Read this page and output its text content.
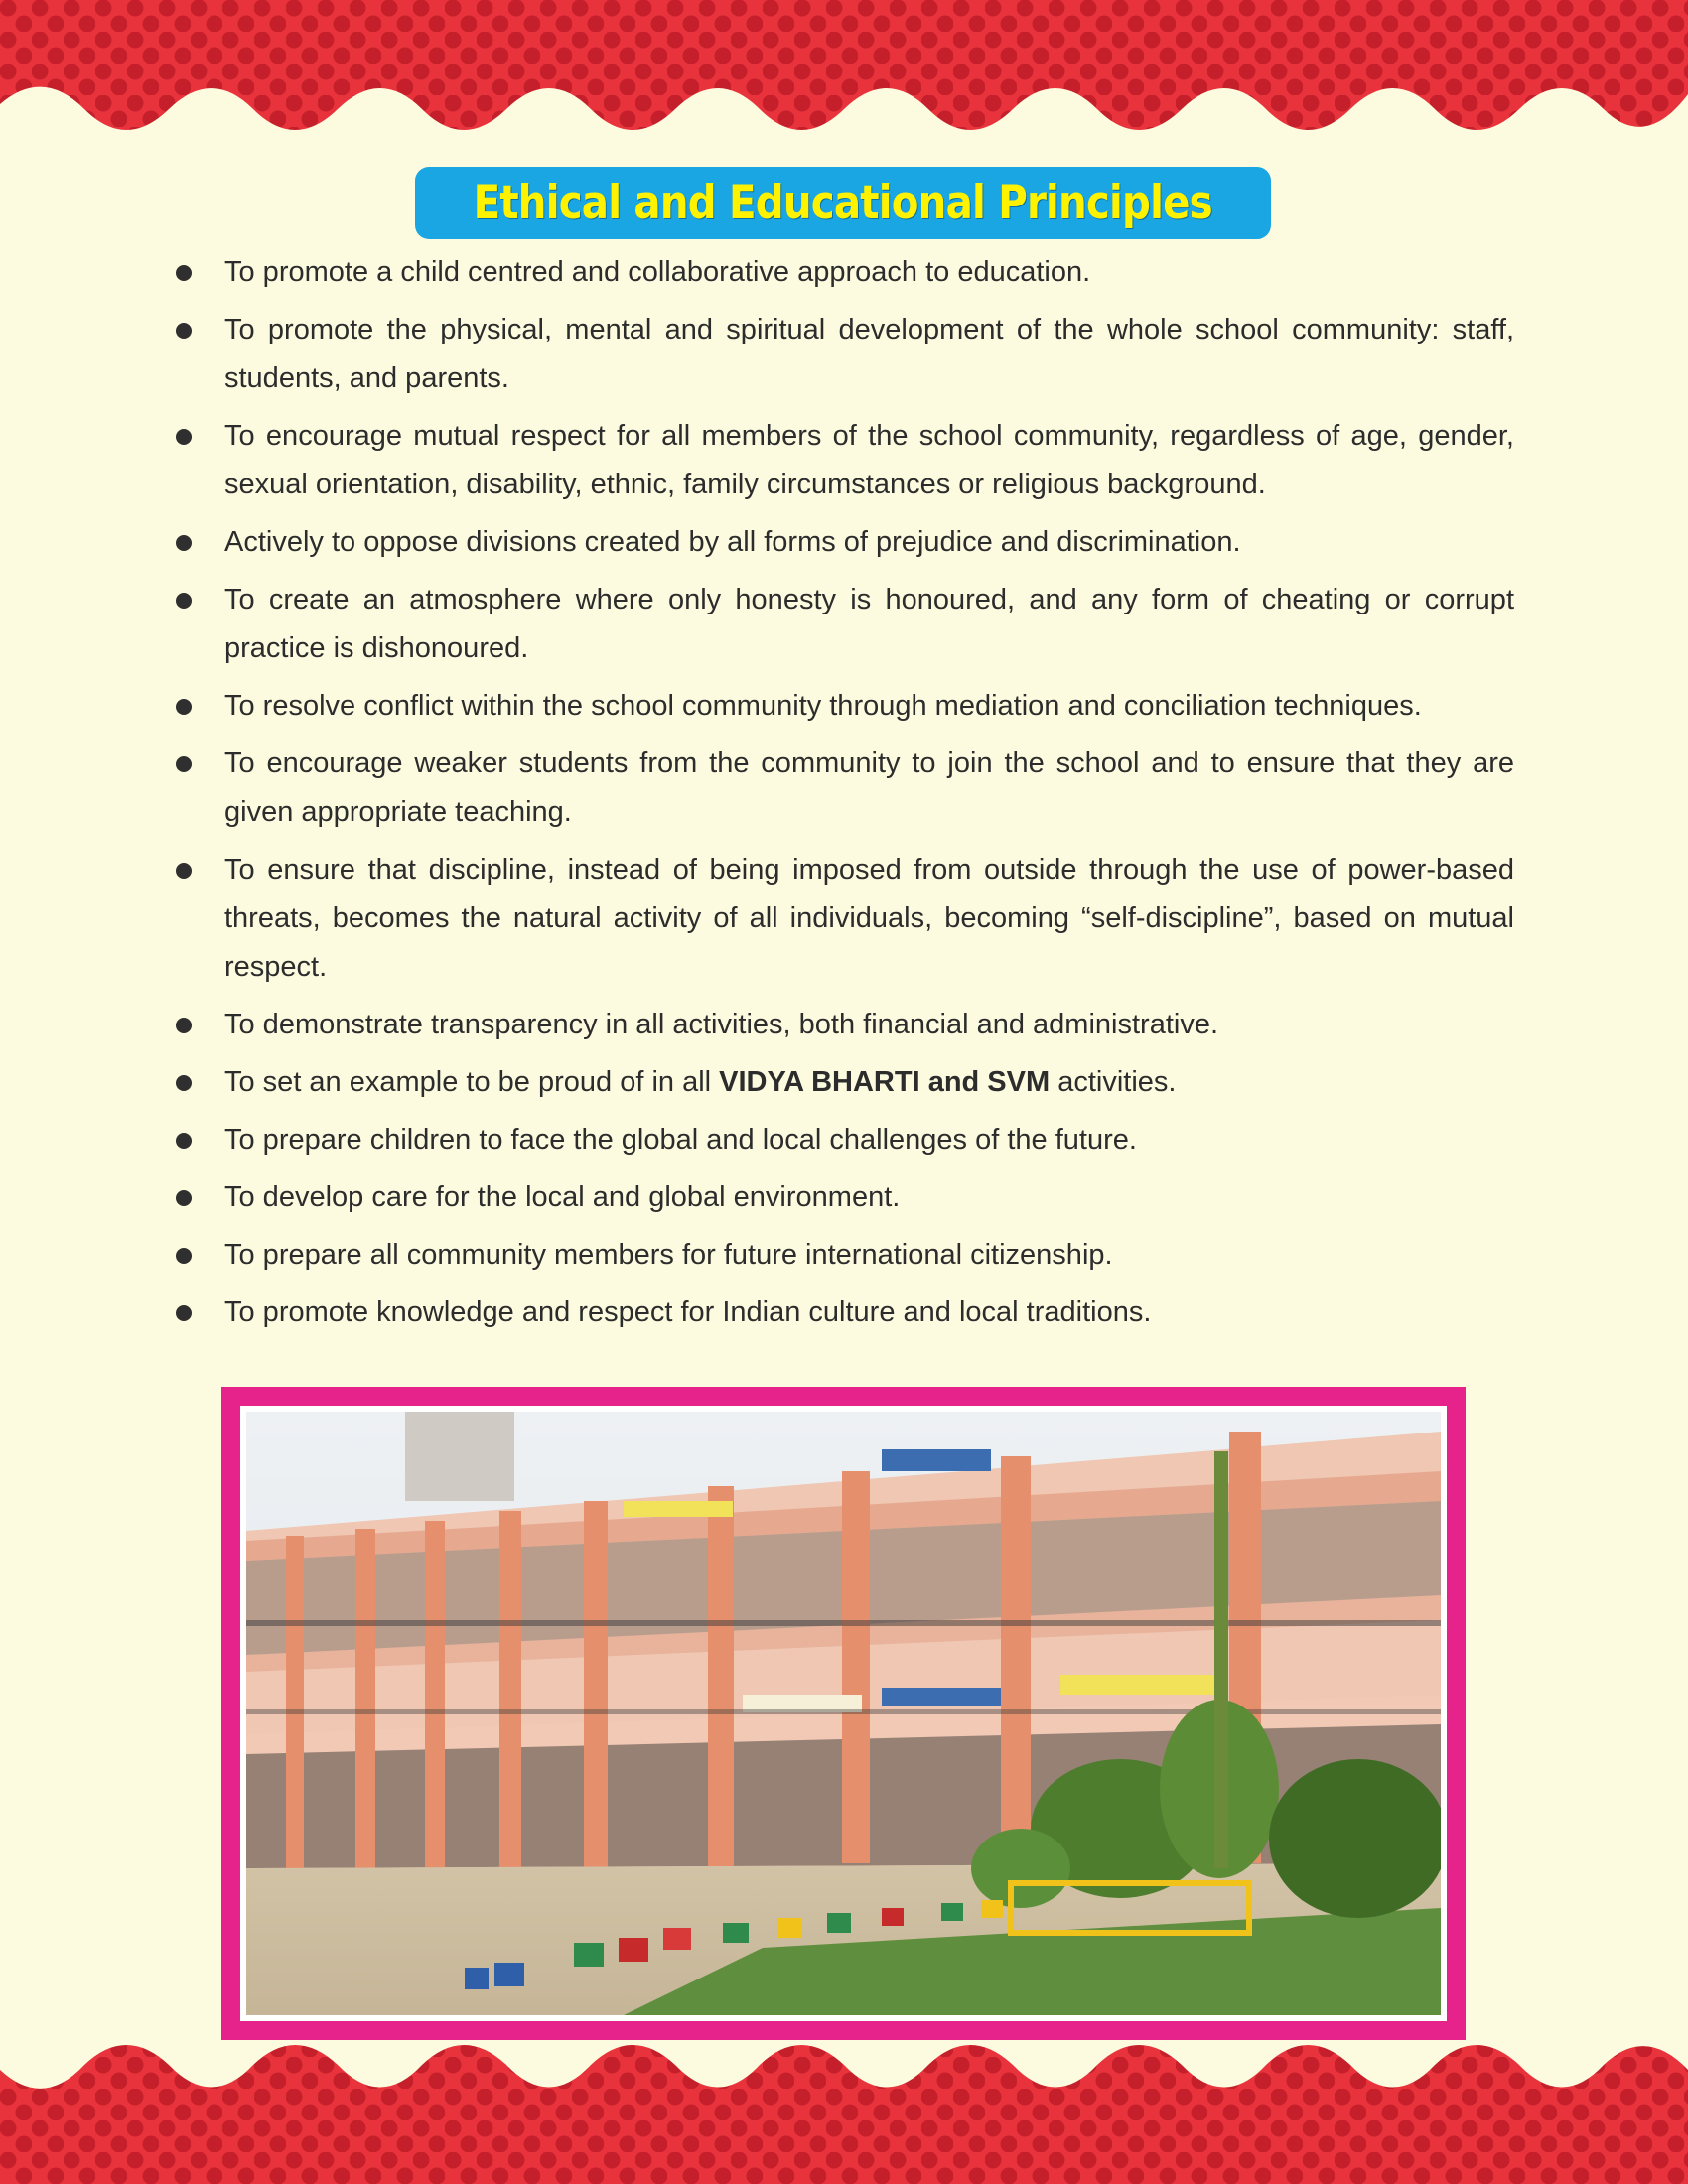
Ethical and Educational Principles
To promote a child centred and collaborative approach to education.
To promote the physical, mental and spiritual development of the whole school community: staff, students, and parents.
To encourage mutual respect for all members of the school community, regardless of age, gender, sexual orientation, disability, ethnic, family circumstances or religious background.
Actively to oppose divisions created by all forms of prejudice and discrimination.
To create an atmosphere where only honesty is honoured, and any form of cheating or corrupt practice is dishonoured.
To resolve conflict within the school community through mediation and conciliation techniques.
To encourage weaker students from the community to join the school and to ensure that they are given appropriate teaching.
To ensure that discipline, instead of being imposed from outside through the use of power-based threats, becomes the natural activity of all individuals, becoming “self-discipline”, based on mutual respect.
To demonstrate transparency in all activities, both financial and administrative.
To set an example to be proud of in all VIDYA BHARTI and SVM activities.
To prepare children to face the global and local challenges of the future.
To develop care for the local and global environment.
To prepare all community members for future international citizenship.
To promote knowledge and respect for Indian culture and local traditions.
